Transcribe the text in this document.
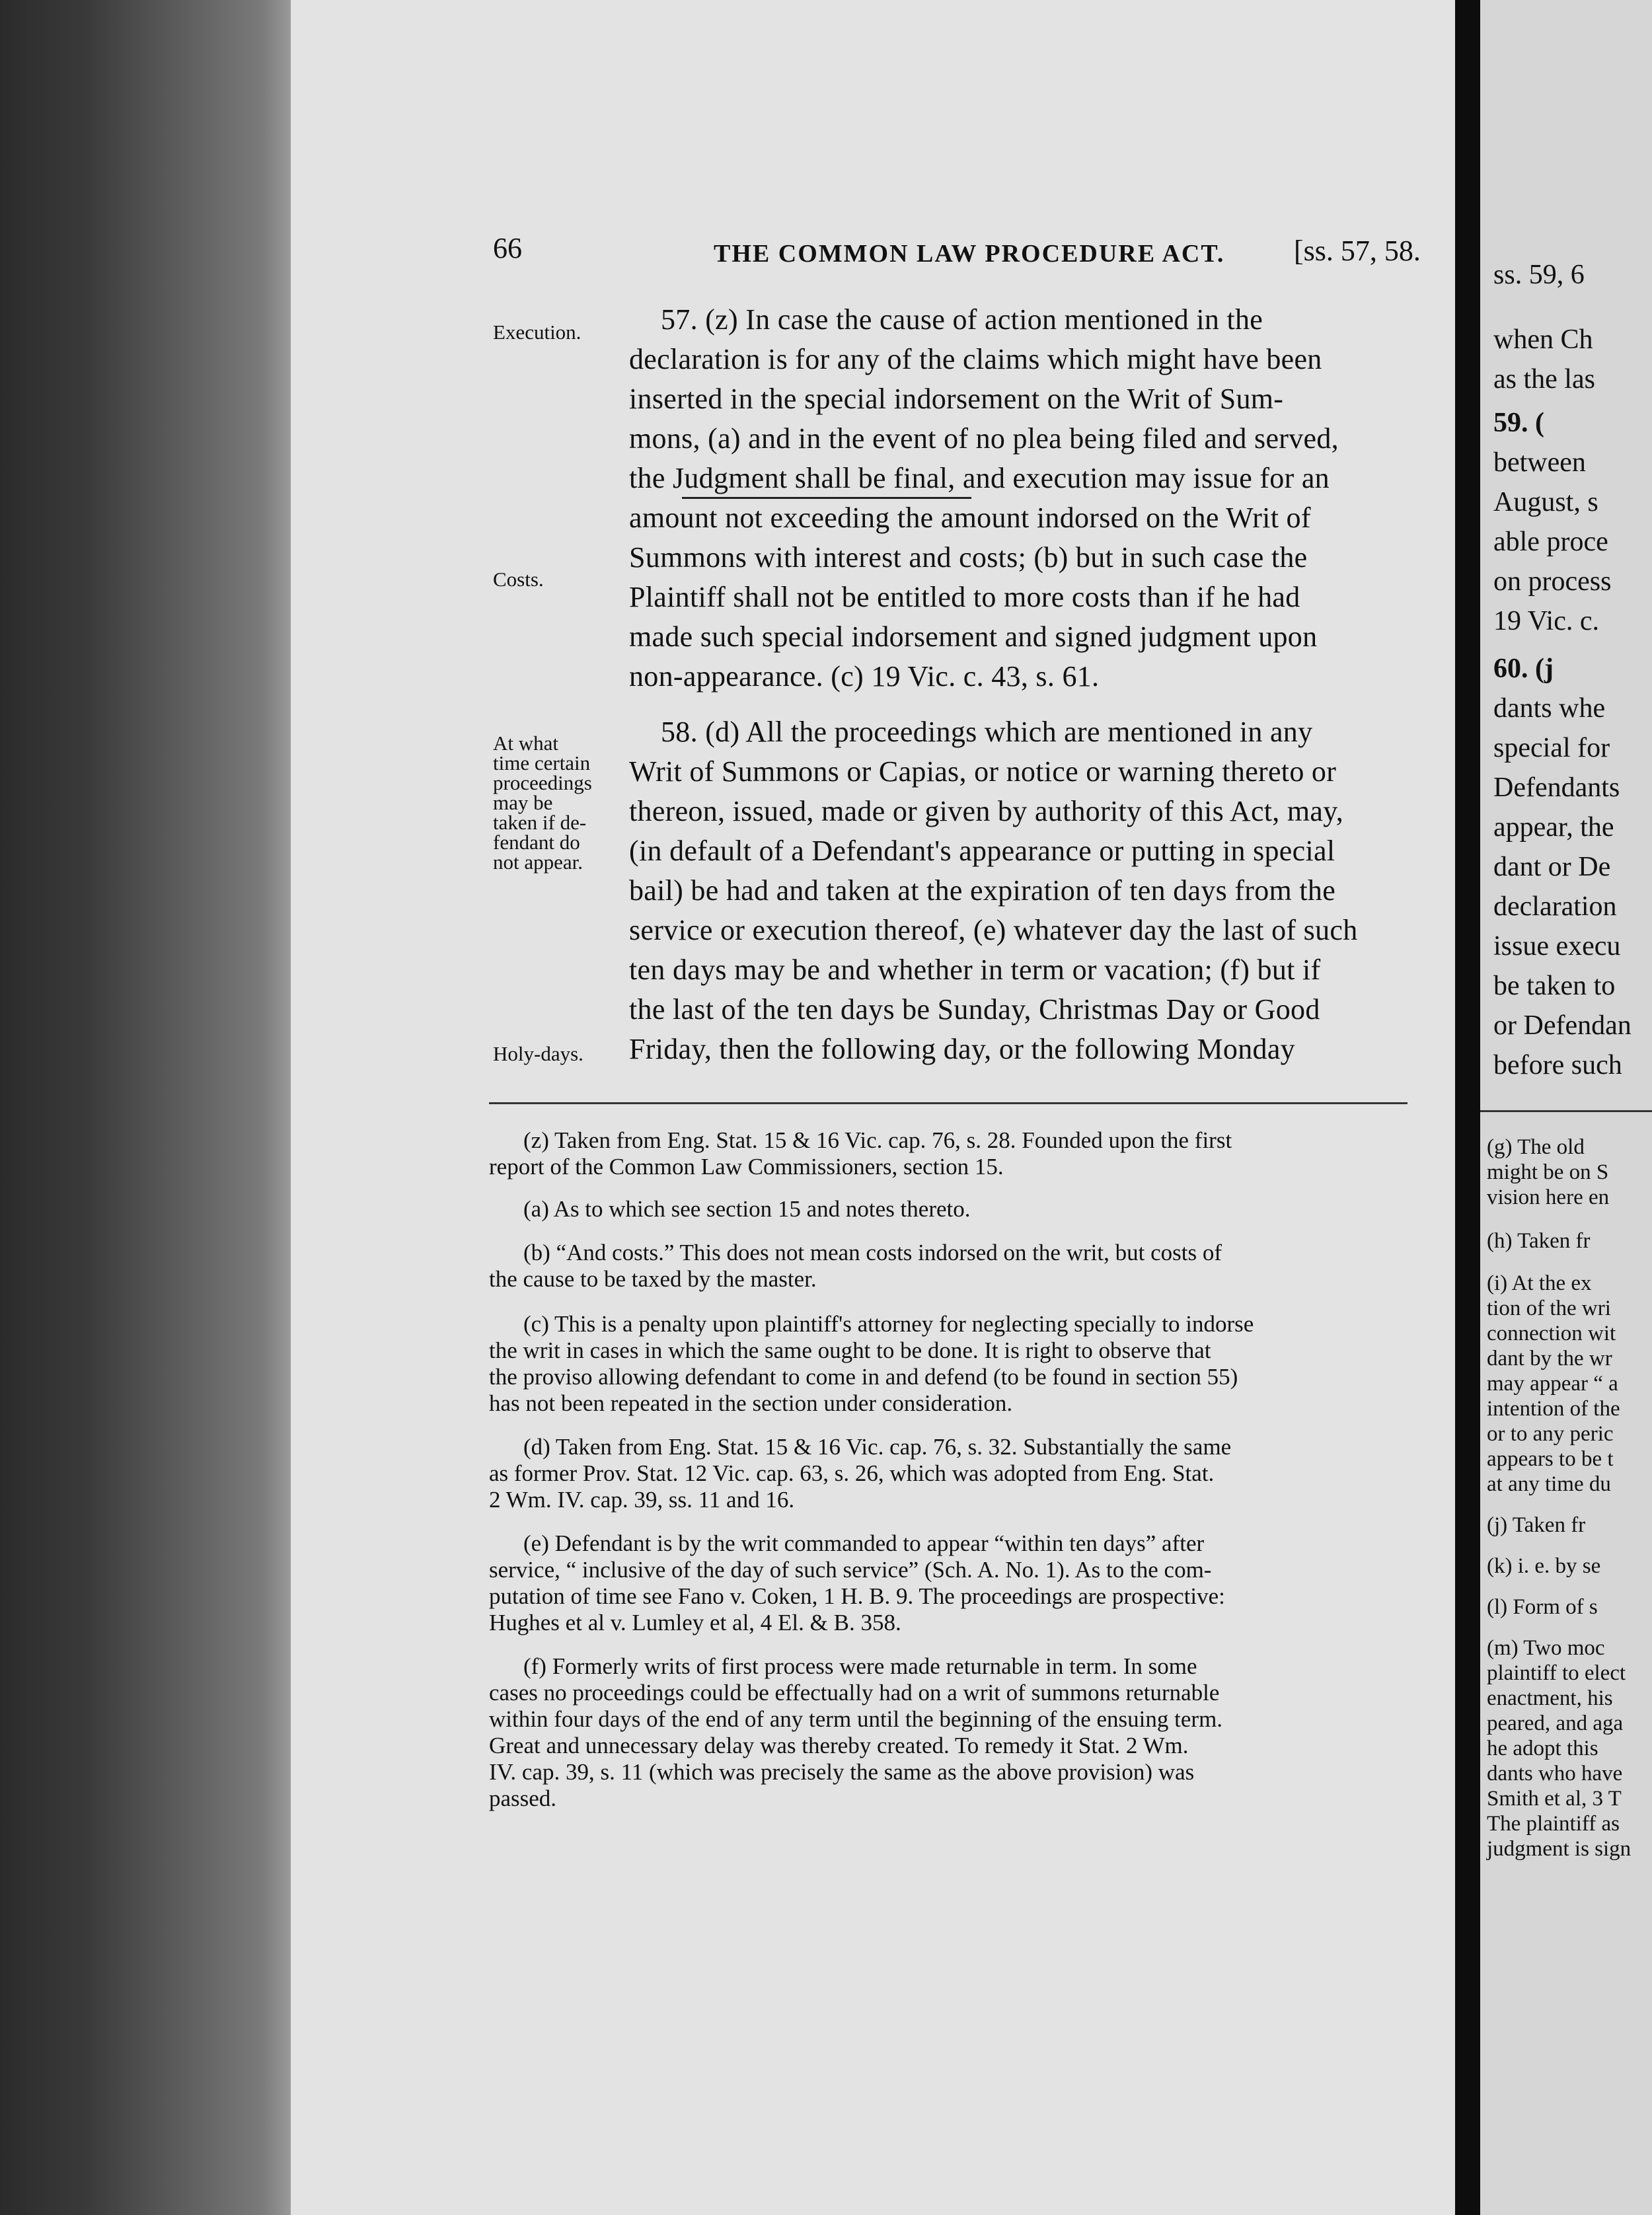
66	THE COMMON LAW PROCEDURE ACT. [ss. 57, 58.
Execution.
Costs.
At what
time certain
proceedings
may be
taken if de-
fendant do
not appear.
Holy-days.
57. (z) In case the cause of action mentioned in the
declaration is for any of the claims which might have been
inserted in the special indorsement on the Writ of Sum-
mons, (a) and in the event of no plea being filed and served,
the Judgment shall be final, and execution may issue for an
amount not exceeding the amount indorsed on the Writ of
Summons with interest and costs; (b) but in such case the
Plaintiff shall not be entitled to more costs than if he had
made such special indorsement and signed judgment upon
non-appearance. (c) 19 Vic. c. 43, s. 61.
58. (d) All the proceedings which are mentioned in any
Writ of Summons or Capias, or notice or warning thereto or
thereon, issued, made or given by authority of this Act, may,
(in default of a Defendant's appearance or putting in special
bail) be had and taken at the expiration of ten days from the
service or execution thereof, (e) whatever day the last of such
ten days may be and whether in term or vacation; (f) but if
the last of the ten days be Sunday, Christmas Day or Good
Friday, then the following day, or the following Monday
(z) Taken from Eng. Stat. 15 & 16 Vic. cap. 76, s. 28. Founded upon the first
report of the Common Law Commissioners, section 15.
(a) As to which see section 15 and notes thereto.
(b) “And costs.” This does not mean costs indorsed on the writ, but costs of
the cause to be taxed by the master.
(c) This is a penalty upon plaintiff's attorney for neglecting specially to indorse
the writ in cases in which the same ought to be done. It is right to observe that
the proviso allowing defendant to come in and defend (to be found in section 55)
has not been repeated in the section under consideration.
(d) Taken from Eng. Stat. 15 & 16 Vic. cap. 76, s. 32. Substantially the same
as former Prov. Stat. 12 Vic. cap. 63, s. 26, which was adopted from Eng. Stat.
2 Wm. IV. cap. 39, ss. 11 and 16.
(e) Defendant is by the writ commanded to appear “within ten days” after
service, “ inclusive of the day of such service” (Sch. A. No. 1). As to the com-
putation of time see Fano v. Coken, 1 H. B. 9. The proceedings are prospective:
Hughes et al v. Lumley et al, 4 El. & B. 358.
(f) Formerly writs of first process were made returnable in term. In some
cases no proceedings could be effectually had on a writ of summons returnable
within four days of the end of any term until the beginning of the ensuing term.
Great and unnecessary delay was thereby created. To remedy it Stat. 2 Wm.
IV. cap. 39, s. 11 (which was precisely the same as the above provision) was
passed.
ss. 59, 6
when Ch
as the las
59. (
between
August, s
able proce
on process
19 Vic. c.
60. (j
dants whe
special for
Defendants
appear, the
dant or De
declaration
issue execu
be taken to
or Defendan
before such
(g) The old
might be on S
vision here en
(h) Taken fr
(i) At the ex
tion of the wri
connection wit
dant by the wr
may appear “ a
intention of the
or to any peric
appears to be t
at any time du
(j) Taken fr
(k) i. e. by se
(l) Form of s
(m) Two moc
plaintiff to elect
enactment, his
peared, and aga
he adopt this
dants who have
Smith et al, 3 T
The plaintiff as
judgment is sign
